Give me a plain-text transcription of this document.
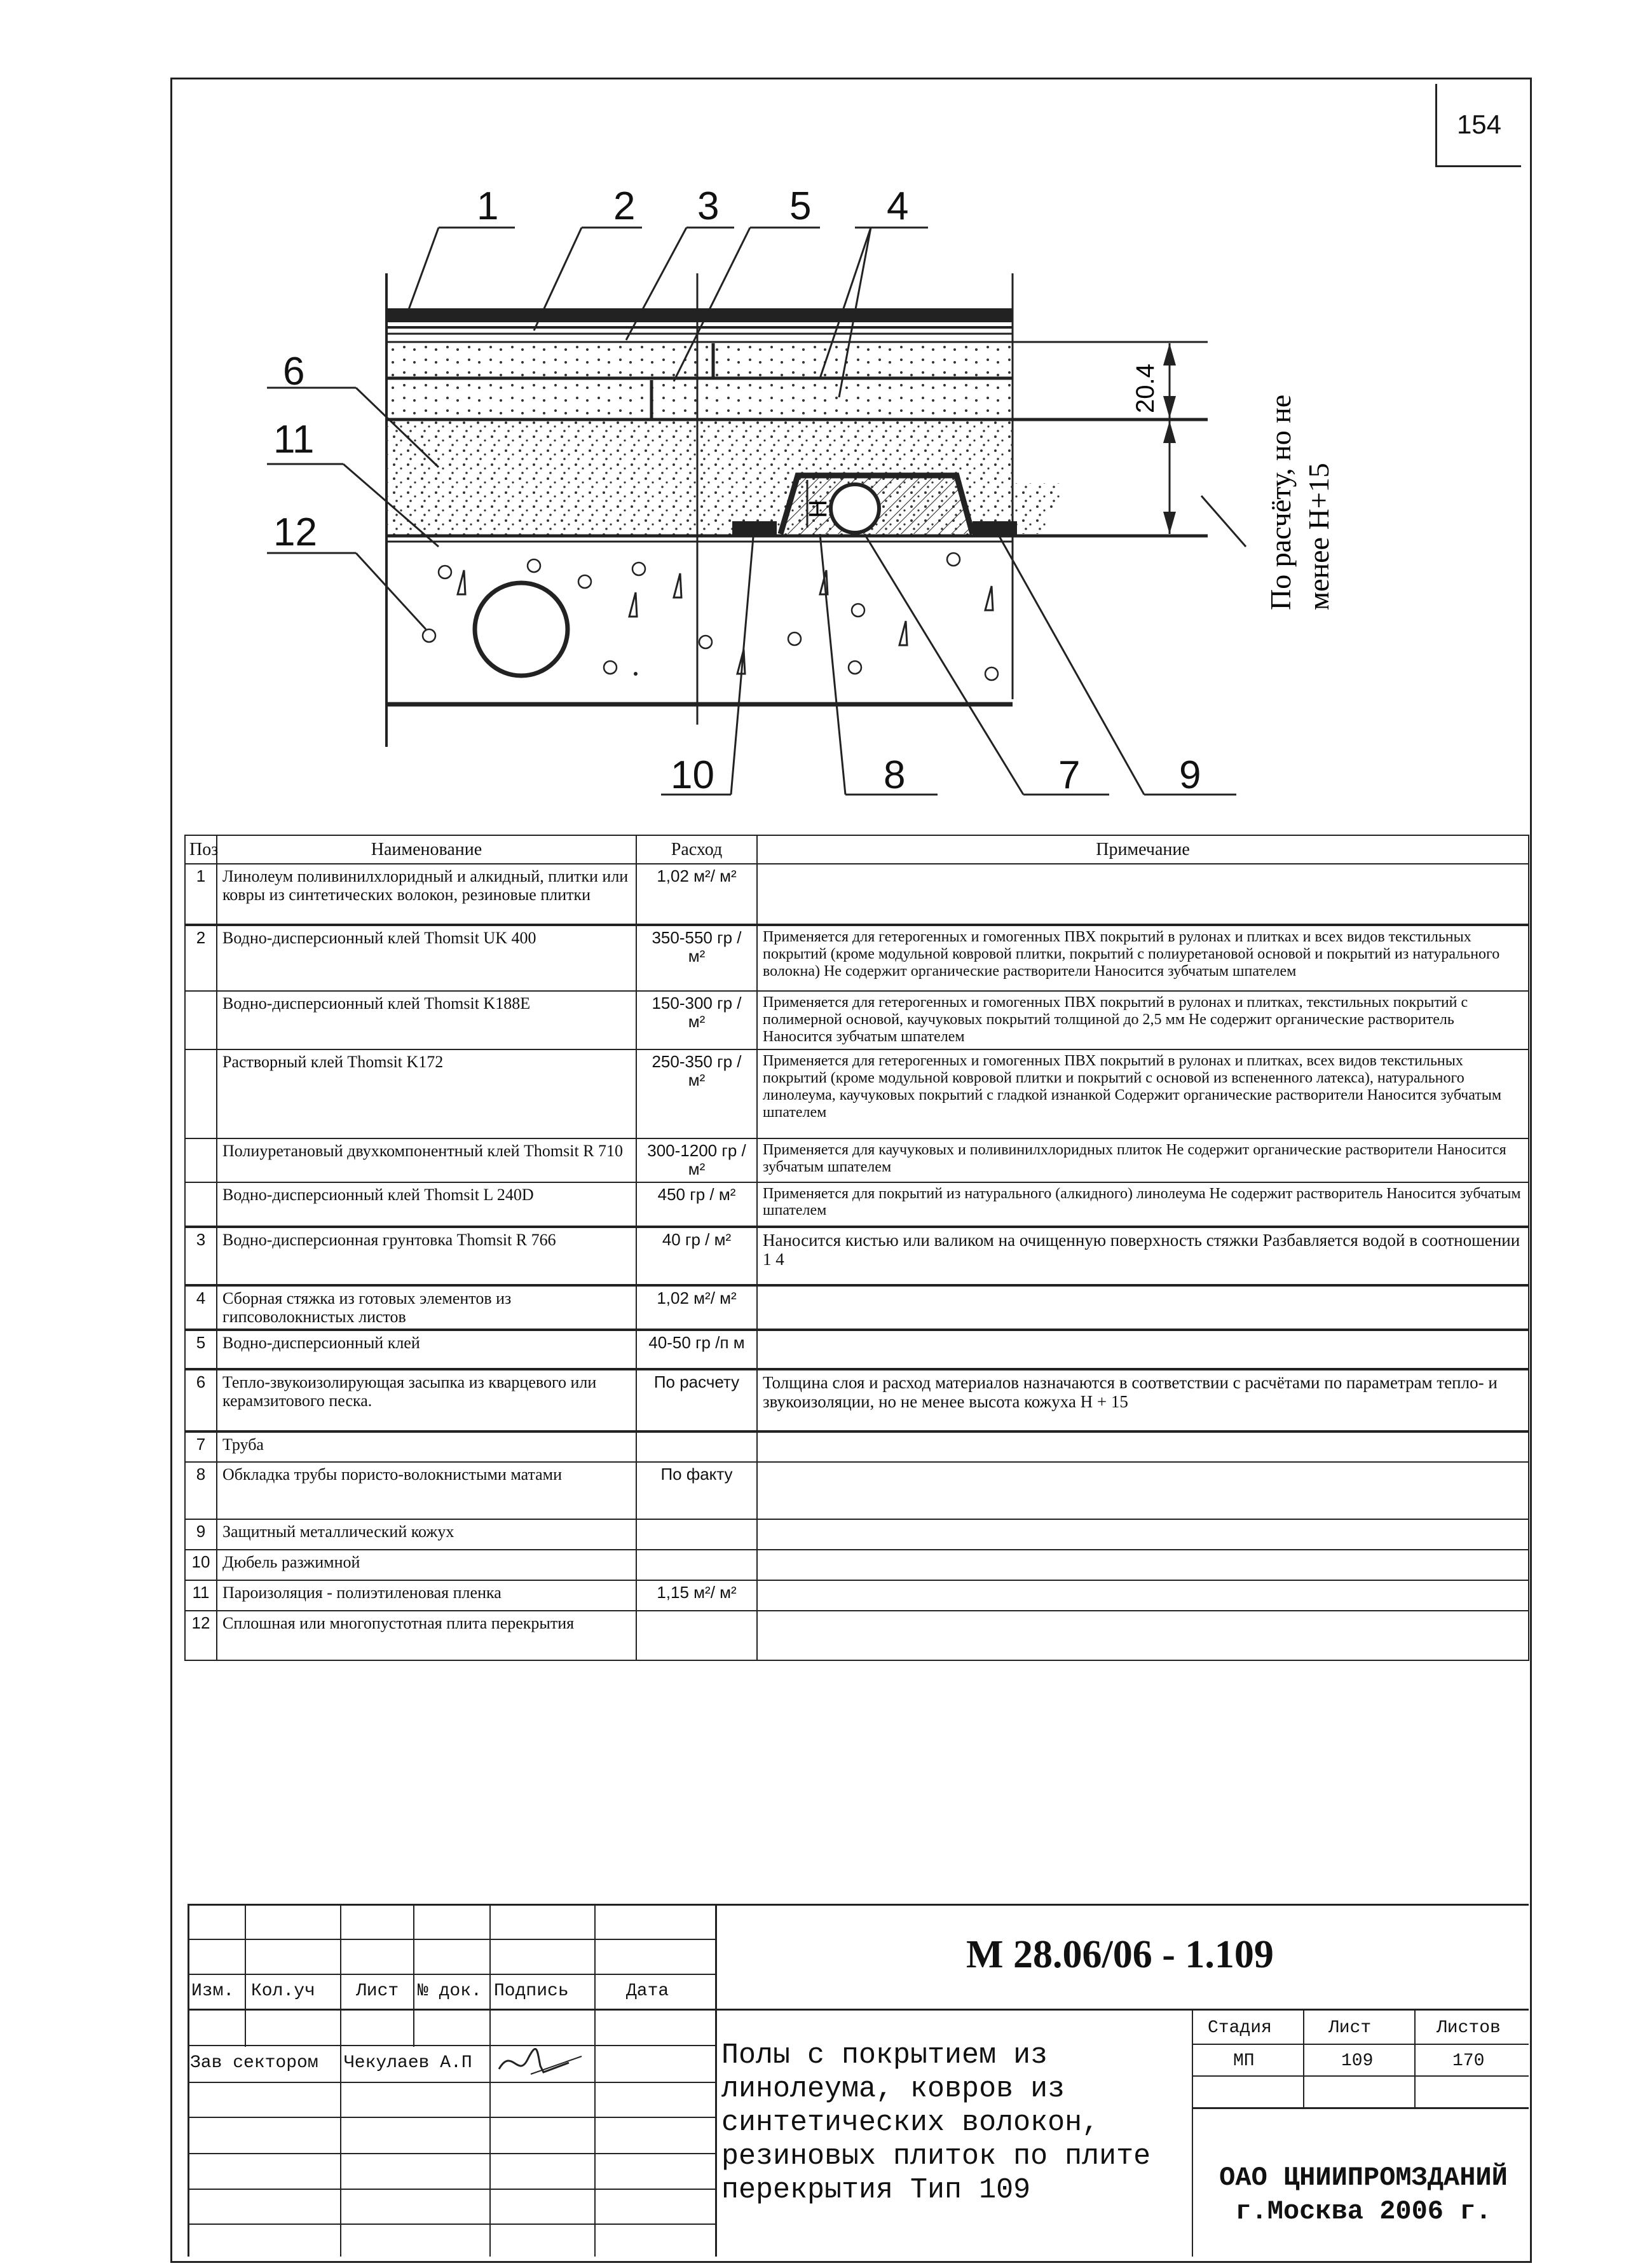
154
20.4
H
1	2 3 5 4
6
11
12
10	8	7	9
По расчёту, но не менее Н+15
Поз	Наименование	Расход	Примечание
1	Линолеум поливинилхлоридный и алкидный, плитки или ковры из синтетических волокон, резиновые плитки	1,02 м²/ м²	
2	Водно-дисперсионный клей Thomsit UK 400	350-550 гр / м²	Применяется для гетерогенных и гомогенных ПВХ покрытий в рулонах и плитках и всех видов текстильных покрытий (кроме модульной ковровой плитки, покрытий с полиуретановой основой и покрытий из натурального волокна) Не содержит органические растворители Наносится зубчатым шпателем
	Водно-дисперсионный клей Thomsit K188E	150-300 гр / м²	Применяется для гетерогенных и гомогенных ПВХ покрытий в рулонах и плитках, текстильных покрытий с полимерной основой, каучуковых покрытий толщиной до 2,5 мм Не содержит органические растворитель Наносится зубчатым шпателем
	Растворный клей Thomsit K172	250-350 гр / м²	Применяется для гетерогенных и гомогенных ПВХ покрытий в рулонах и плитках, всех видов текстильных покрытий (кроме модульной ковровой плитки и покрытий с основой из вспененного латекса), натурального линолеума, каучуковых покрытий с гладкой изнанкой Содержит органические растворители Наносится зубчатым шпателем
	Полиуретановый двухкомпонентный клей Thomsit R 710	300-1200 гр / м²	Применяется для каучуковых и поливинилхлоридных плиток Не содержит органические растворители Наносится зубчатым шпателем
	Водно-дисперсионный клей Thomsit L 240D	450 гр / м²	Применяется для покрытий из натурального (алкидного) линолеума Не содержит растворитель Наносится зубчатым шпателем
3	Водно-дисперсионная грунтовка Thomsit R 766	40 гр / м²	Наносится кистью или валиком на очищенную поверхность стяжки Разбавляется водой в соотношении 1 4
4	Сборная стяжка из готовых элементов из гипсоволокнистых листов	1,02 м²/ м²	
5	Водно-дисперсионный клей	40-50 гр /п м	
6	Тепло-звукоизолирующая засыпка из кварцевого или керамзитового песка.	По расчету	Толщина слоя и расход материалов назначаются в соответствии с расчётами по параметрам тепло- и звукоизоляции, но не менее высота кожуха Н + 15
7	Труба		
8	Обкладка трубы пористо-волокнистыми матами	По факту	
9	Защитный металлический кожух		
10	Дюбель разжимной		
11	Пароизоляция - полиэтиленовая пленка	1,15 м²/ м²	
12	Сплошная или многопустотная плита перекрытия		
Изм. Кол.уч Лист № док. Подпись	Дата
Зав сектором Чекулаев А.П
Стадия	Лист	Листов
МП	109	170
М 28.06/06 - 1.109
Полы с покрытием из линолеума, ковров из синтетических волокон, резиновых плиток по плите перекрытия Тип 109	ОАО ЦНИИПРОМЗДАНИЙ
г.Москва 2006 г.
